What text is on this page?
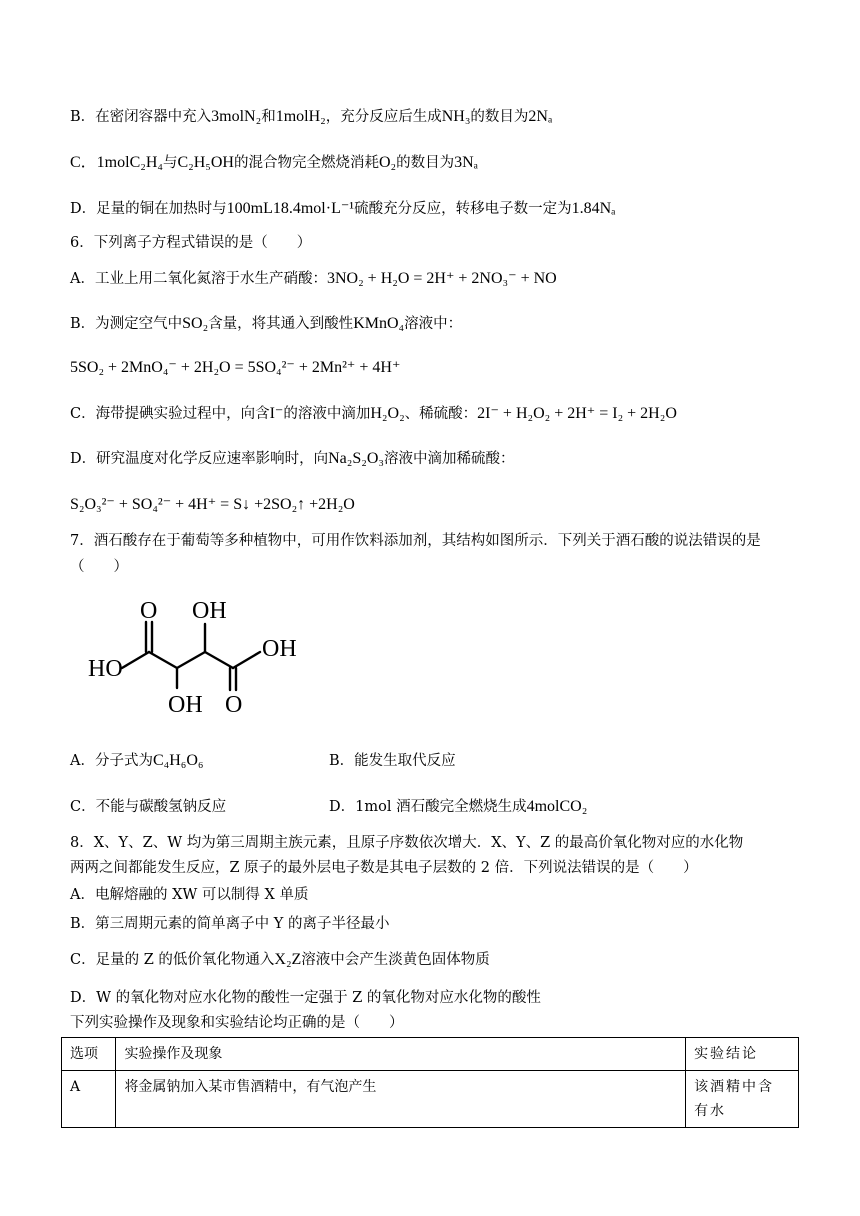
B．在密闭容器中充入3molN₂和1molH₂，充分反应后生成NH₃的数目为2Nₐ
C．1molC₂H₄与C₂H₅OH的混合物完全燃烧消耗O₂的数目为3Nₐ
D．足量的铜在加热时与100mL18.4mol·L⁻¹硫酸充分反应，转移电子数一定为1.84Nₐ
6．下列离子方程式错误的是（　　）
A．工业上用二氧化氮溶于水生产硝酸：3NO₂ + H₂O = 2H⁺ + 2NO₃⁻ + NO
B．为测定空气中SO₂含量，将其通入到酸性KMnO₄溶液中：
5SO₂ + 2MnO₄⁻ + 2H₂O = 5SO₄²⁻ + 2Mn²⁺ + 4H⁺
C．海带提碘实验过程中，向含I⁻的溶液中滴加H₂O₂、稀硫酸：2I⁻ + H₂O₂ + 2H⁺ = I₂ + 2H₂O
D．研究温度对化学反应速率影响时，向Na₂S₂O₃溶液中滴加稀硫酸：
S₂O₃²⁻ + SO₄²⁻ + 4H⁺ = S↓ +2SO₂↑ +2H₂O
7．酒石酸存在于葡萄等多种植物中，可用作饮料添加剂，其结构如图所示．下列关于酒石酸的说法错误的是
（　　）
O OH
HO
OH
OH O
A．分子式为C₄H₆O₆	B．能发生取代反应
C．不能与碳酸氢钠反应	D．1mol 酒石酸完全燃烧生成4molCO₂
8．X、Y、Z、W 均为第三周期主族元素，且原子序数依次增大．X、Y、Z 的最高价氧化物对应的水化物
两两之间都能发生反应，Z 原子的最外层电子数是其电子层数的 2 倍．下列说法错误的是（　　）
A．电解熔融的 XW 可以制得 X 单质
B．第三周期元素的简单离子中 Y 的离子半径最小
C．足量的 Z 的低价氧化物通入X₂Z溶液中会产生淡黄色固体物质
D．W 的氧化物对应水化物的酸性一定强于 Z 的氧化物对应水化物的酸性
下列实验操作及现象和实验结论均正确的是（　　）
选项	实验操作及现象	实验结论
A	将金属钠加入某市售酒精中，有气泡产生	该酒精中含有水
